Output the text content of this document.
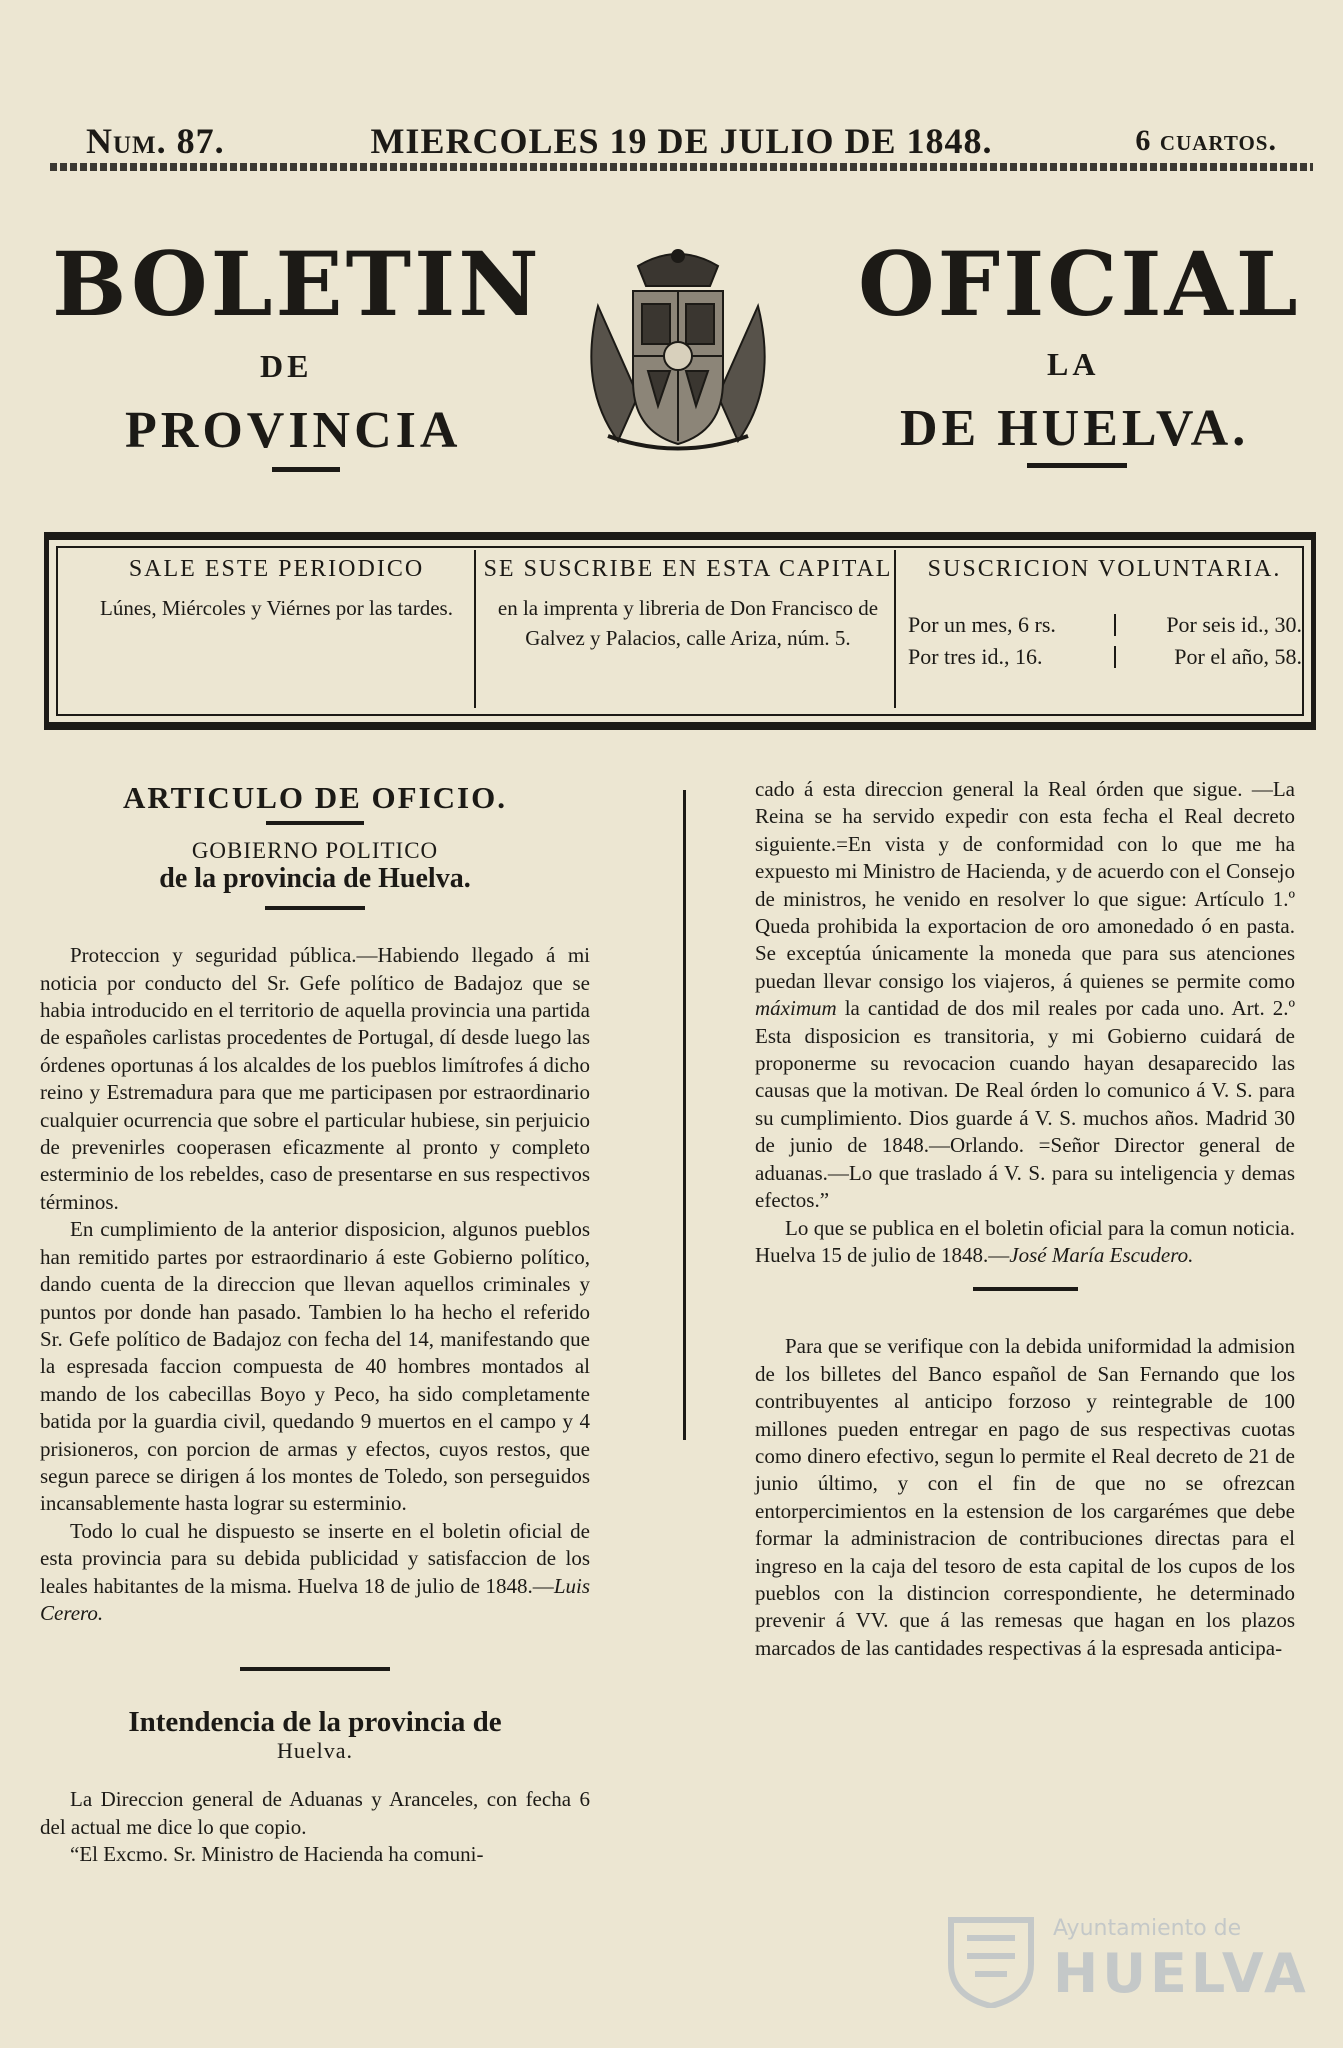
Num. 87.	MIERCOLES 19 DE JULIO DE 1848.	6 cuartos.
BOLETIN	OFICIAL
DE	LA
PROVINCIA	DE HUELVA.
SALE ESTE PERIODICO
Lúnes, Miércoles y Viérnes por las tardes.
SE SUSCRIBE EN ESTA CAPITAL
en la imprenta y libreria de Don Francisco de Galvez y Palacios, calle Ariza, núm. 5.
SUSCRICION VOLUNTARIA.
Por un mes, 6 rs.	Por seis id., 30.
Por tres id., 16.	Por el año, 58.
ARTICULO DE OFICIO.
GOBIERNO POLITICO
de la provincia de Huelva.

Proteccion y seguridad pública.—Habiendo llegado á mi noticia por conducto del Sr. Gefe político de Badajoz que se habia introducido en el territorio de aquella provincia una partida de españoles carlistas procedentes de Portugal, dí desde luego las órdenes oportunas á los alcaldes de los pueblos limítrofes á dicho reino y Estremadura para que me participasen por estraordinario cualquier ocurrencia que sobre el particular hubiese, sin perjuicio de prevenirles cooperasen eficazmente al pronto y completo esterminio de los rebeldes, caso de presentarse en sus respectivos términos.

En cumplimiento de la anterior disposicion, algunos pueblos han remitido partes por estraordinario á este Gobierno político, dando cuenta de la direccion que llevan aquellos criminales y puntos por donde han pasado. Tambien lo ha hecho el referido Sr. Gefe político de Badajoz con fecha del 14, manifestando que la espresada faccion compuesta de 40 hombres montados al mando de los cabecillas Boyo y Peco, ha sido completamente batida por la guardia civil, quedando 9 muertos en el campo y 4 prisioneros, con porcion de armas y efectos, cuyos restos, que segun parece se dirigen á los montes de Toledo, son perseguidos incansablemente hasta lograr su esterminio.

Todo lo cual he dispuesto se inserte en el boletin oficial de esta provincia para su debida publicidad y satisfaccion de los leales habitantes de la misma. Huelva 18 de julio de 1848.—Luis Cerero.

Intendencia de la provincia de
Huelva.

La Direccion general de Aduanas y Aranceles, con fecha 6 del actual me dice lo que copio.

“El Excmo. Sr. Ministro de Hacienda ha comuni-

cado á esta direccion general la Real órden que sigue. —La Reina se ha servido expedir con esta fecha el Real decreto siguiente.=En vista y de conformidad con lo que me ha expuesto mi Ministro de Hacienda, y de acuerdo con el Consejo de ministros, he venido en resolver lo que sigue: Artículo 1.º Queda prohibida la exportacion de oro amonedado ó en pasta. Se exceptúa únicamente la moneda que para sus atenciones puedan llevar consigo los viajeros, á quienes se permite como máximum la cantidad de dos mil reales por cada uno. Art. 2.º Esta disposicion es transitoria, y mi Gobierno cuidará de proponerme su revocacion cuando hayan desaparecido las causas que la motivan. De Real órden lo comunico á V. S. para su cumplimiento. Dios guarde á V. S. muchos años. Madrid 30 de junio de 1848.—Orlando. =Señor Director general de aduanas.—Lo que traslado á V. S. para su inteligencia y demas efectos.”

Lo que se publica en el boletin oficial para la comun noticia. Huelva 15 de julio de 1848.—José María Escudero.

Para que se verifique con la debida uniformidad la admision de los billetes del Banco español de San Fernando que los contribuyentes al anticipo forzoso y reintegrable de 100 millones pueden entregar en pago de sus respectivas cuotas como dinero efectivo, segun lo permite el Real decreto de 21 de junio último, y con el fin de que no se ofrezcan entorpercimientos en la estension de los cargarémes que debe formar la administracion de contribuciones directas para el ingreso en la caja del tesoro de esta capital de los cupos de los pueblos con la distincion correspondiente, he determinado prevenir á VV. que á las remesas que hagan en los plazos marcados de las cantidades respectivas á la espresada anticipa-

Ayuntamiento de
HUELVA
